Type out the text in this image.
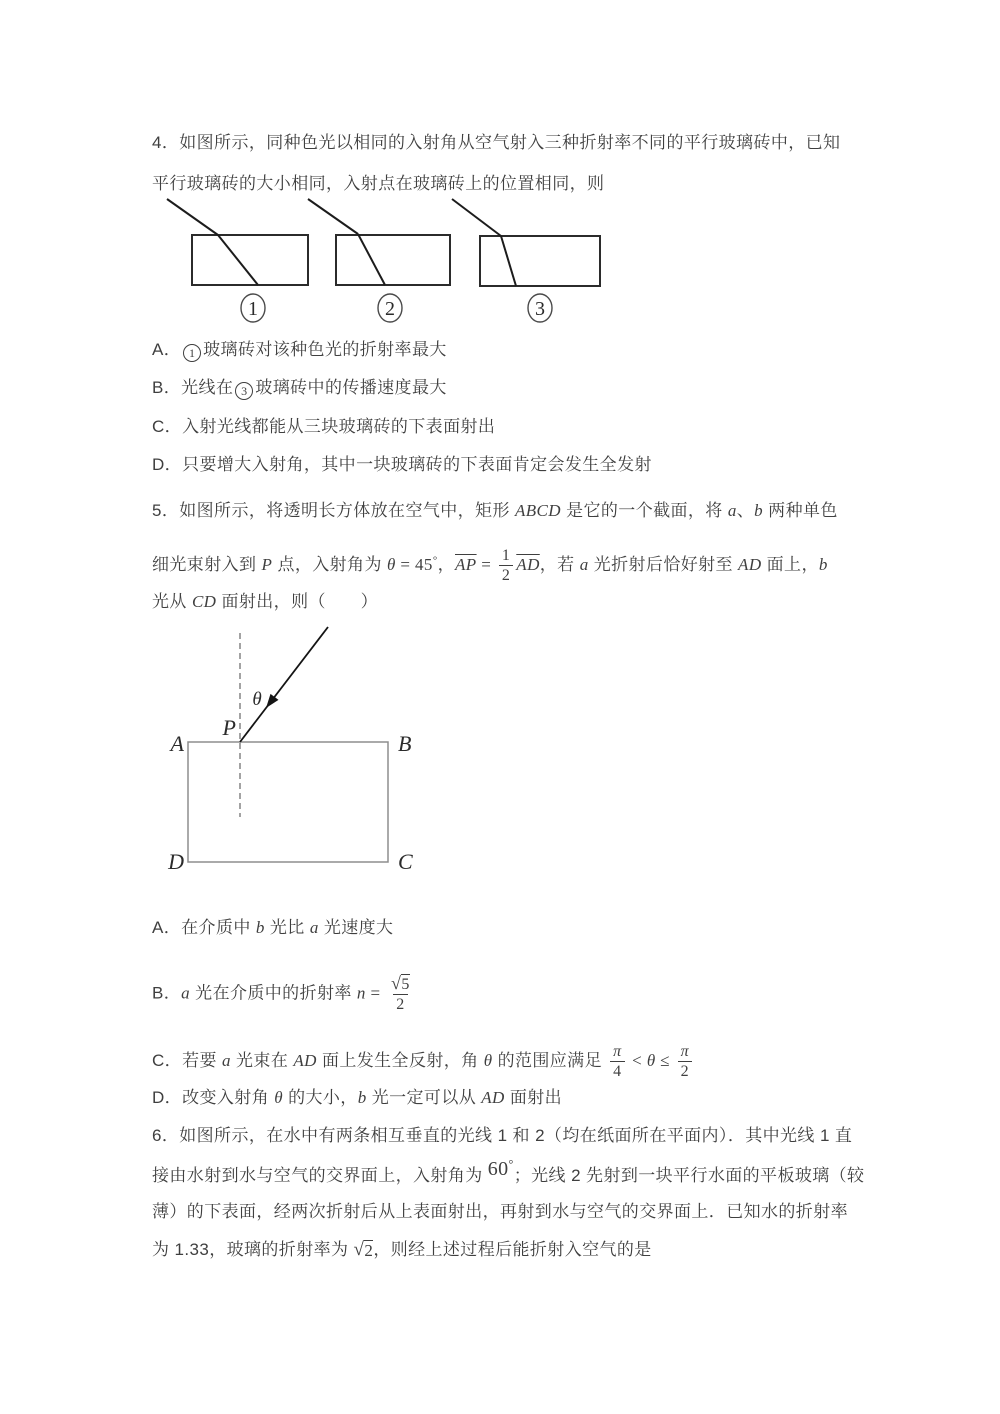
4．如图所示，同种色光以相同的入射角从空气射入三种折射率不同的平行玻璃砖中，已知
平行玻璃砖的大小相同，入射点在玻璃砖上的位置相同，则
1	2	3
A． 1 玻璃砖对该种色光的折射率最大
B．光线在 3 玻璃砖中的传播速度最大
C．入射光线都能从三块玻璃砖的下表面射出
D．只要增大入射角，其中一块玻璃砖的下表面肯定会发生全发射
5．如图所示，将透明长方体放在空气中，矩形 ABCD 是它的一个截面，将 a、b 两种单色
细光束射入到 P 点，入射角为 θ = 45°，$\overline{AP} = \frac{1}{2} \overline{AD}$，若 a 光折射后恰好射至 AD 面上，b
光从 CD 面射出，则（　　）
θ
P
A	B
D	C
A．在介质中 b 光比 a 光速度大
B．a 光在介质中的折射率 $n = \frac{√ 5}{2}$
C．若要 a 光束在 AD 面上发生全反射，角 θ 的范围应满足 $\frac{\pi}{4} < \theta \le \frac{\pi}{2}$
D．改变入射角 θ 的大小，b 光一定可以从 AD 面射出
6．如图所示，在水中有两条相互垂直的光线 1 和 2（均在纸面所在平面内）．其中光线 1 直
接由水射到水与空气的交界面上，入射角为 60°；光线 2 先射到一块平行水面的平板玻璃（较
薄）的下表面，经两次折射后从上表面射出，再射到水与空气的交界面上．已知水的折射率
为 1.33，玻璃的折射率为 √ 2 ，则经上述过程后能折射入空气的是
